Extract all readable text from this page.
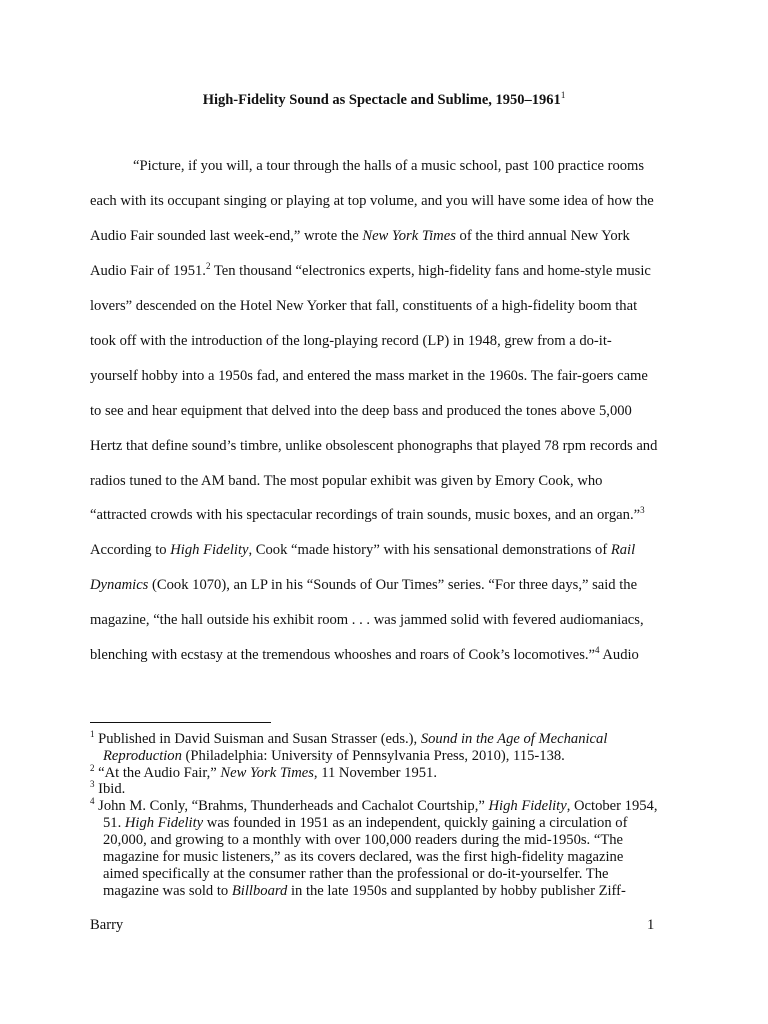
High-Fidelity Sound as Spectacle and Sublime, 1950–1961$^1$
“Picture, if you will, a tour through the halls of a music school, past 100 practice rooms
each with its occupant singing or playing at top volume, and you will have some idea of how the
Audio Fair sounded last week-end,” wrote the New York Times of the third annual New York
Audio Fair of 1951.$^2$ Ten thousand “electronics experts, high-fidelity fans and home-style music
lovers” descended on the Hotel New Yorker that fall, constituents of a high-fidelity boom that
took off with the introduction of the long-playing record (LP) in 1948, grew from a do-it-
yourself hobby into a 1950s fad, and entered the mass market in the 1960s. The fair-goers came
to see and hear equipment that delved into the deep bass and produced the tones above 5,000
Hertz that define sound’s timbre, unlike obsolescent phonographs that played 78 rpm records and
radios tuned to the AM band. The most popular exhibit was given by Emory Cook, who
“attracted crowds with his spectacular recordings of train sounds, music boxes, and an organ.”$^3$
According to High Fidelity, Cook “made history” with his sensational demonstrations of Rail
Dynamics (Cook 1070), an LP in his “Sounds of Our Times” series. “For three days,” said the
magazine, “the hall outside his exhibit room . . . was jammed solid with fevered audiomaniacs,
blenching with ecstasy at the tremendous whooshes and roars of Cook’s locomotives.”$^4$ Audio
$^1$ Published in David Suisman and Susan Strasser (eds.), Sound in the Age of Mechanical
Reproduction (Philadelphia: University of Pennsylvania Press, 2010), 115-138.
$^2$ “At the Audio Fair,” New York Times, 11 November 1951.
$^3$ Ibid.
$^4$ John M. Conly, “Brahms, Thunderheads and Cachalot Courtship,” High Fidelity, October 1954,
51. High Fidelity was founded in 1951 as an independent, quickly gaining a circulation of
20,000, and growing to a monthly with over 100,000 readers during the mid-1950s. “The
magazine for music listeners,” as its covers declared, was the first high-fidelity magazine
aimed specifically at the consumer rather than the professional or do-it-yourselfer. The
magazine was sold to Billboard in the late 1950s and supplanted by hobby publisher Ziff-
Barry	1
